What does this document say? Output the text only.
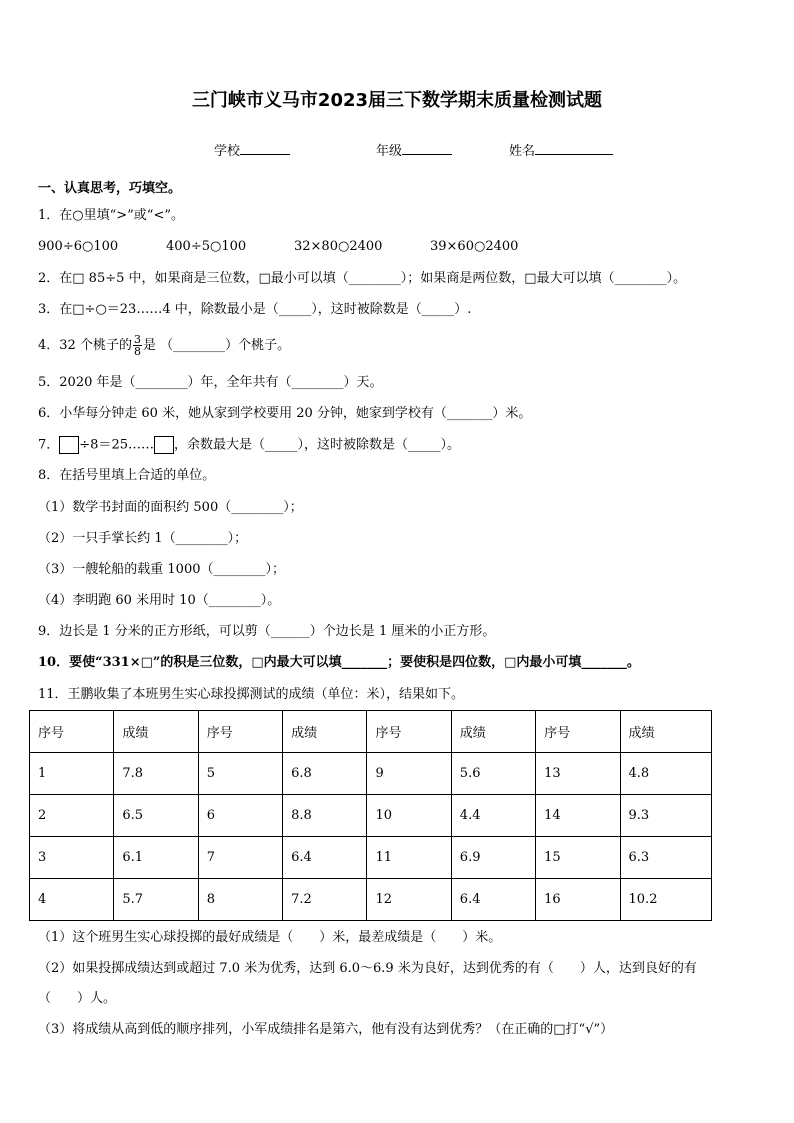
三门峡市义马市2023届三下数学期末质量检测试题
学校	年级	姓名
一、认真思考，巧填空。
1．在○里填“>”或“<”。
900÷6○100	400÷5○100	32×80○2400	39×60○2400
2．在□ 85÷5 中，如果商是三位数，□最小可以填（________）；如果商是两位数，□最大可以填（________）。
3．在□÷○＝23……4 中，除数最小是（_____），这时被除数是（_____）.
4．32 个桃子的 $\frac{3}{8}$ 是 （________）个桃子。
5．2020 年是（________）年，全年共有（________）天。
6．小华每分钟走 60 米，她从家到学校要用 20 分钟，她家到学校有（_______）米。
7． ÷8＝25…… ，余数最大是（_____），这时被除数是（_____）。
8．在括号里填上合适的单位。
（1）数学书封面的面积约 500（________）；
（2）一只手掌长约 1（________）；
（3）一艘轮船的载重 1000（________）；
（4）李明跑 60 米用时 10（________）。
9．边长是 1 分米的正方形纸，可以剪（______）个边长是 1 厘米的小正方形。
10．要使“331×□”的积是三位数，□内最大可以填_______；要使积是四位数，□内最小可填_______。
11．王鹏收集了本班男生实心球投掷测试的成绩（单位：米），结果如下。
序号	成绩	序号	成绩	序号	成绩	序号	成绩
1	7.8	5	6.8	9	5.6	13	4.8
2	6.5	6	8.8	10	4.4	14	9.3
3	6.1	7	6.4	11	6.9	15	6.3
4	5.7	8	7.2	12	6.4	16	10.2
（1）这个班男生实心球投掷的最好成绩是（　　）米，最差成绩是（　　）米。
（2）如果投掷成绩达到或超过 7.0 米为优秀，达到 6.0～6.9 米为良好，达到优秀的有（　　）人，达到良好的有
（　　）人。
（3）将成绩从高到低的顺序排列，小军成绩排名是第六，他有没有达到优秀？（在正确的□打“√”）
